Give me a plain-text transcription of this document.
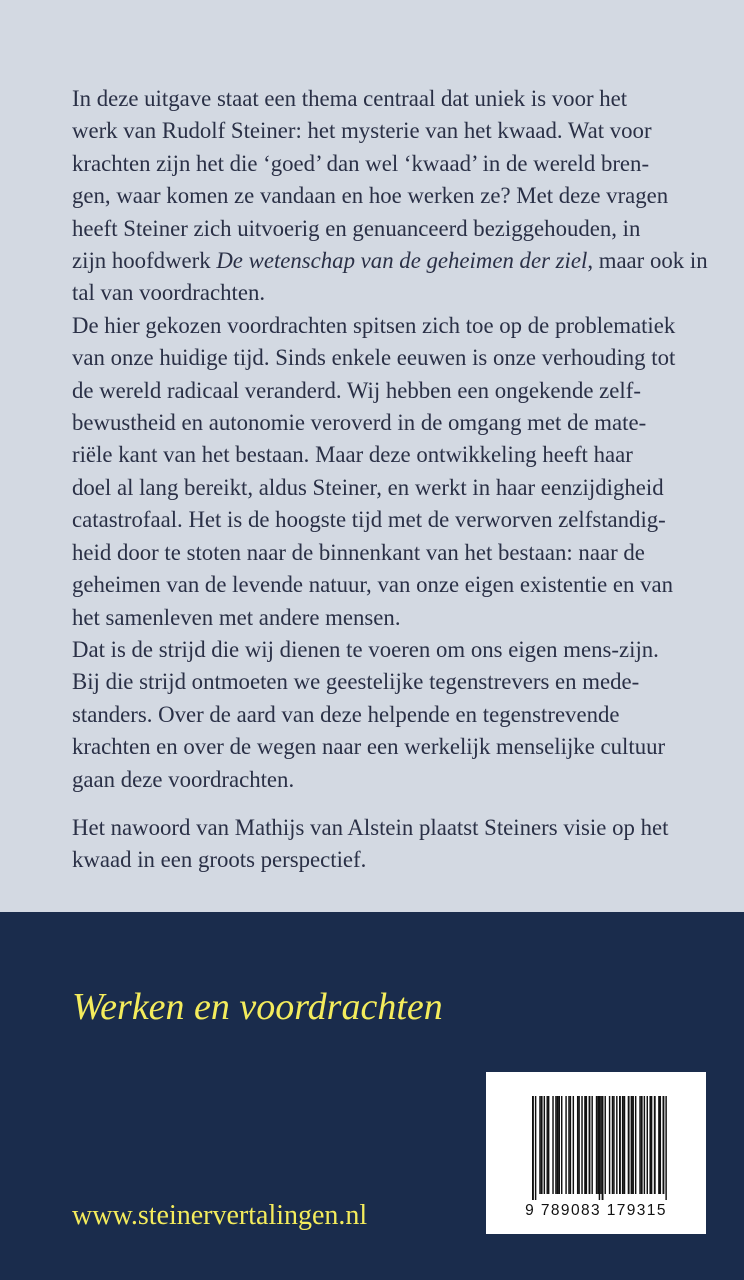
In deze uitgave staat een thema centraal dat uniek is voor het
werk van Rudolf Steiner: het mysterie van het kwaad. Wat voor
krachten zijn het die ‘goed’ dan wel ‘kwaad’ in de wereld bren-
gen, waar komen ze vandaan en hoe werken ze? Met deze vragen
heeft Steiner zich uitvoerig en genuanceerd beziggehouden, in
zijn hoofdwerk De wetenschap van de geheimen der ziel, maar ook in
tal van voordrachten.

De hier gekozen voordrachten spitsen zich toe op de problematiek
van onze huidige tijd. Sinds enkele eeuwen is onze verhouding tot
de wereld radicaal veranderd. Wij hebben een ongekende zelf-
bewustheid en autonomie veroverd in de omgang met de mate-
riële kant van het bestaan. Maar deze ontwikkeling heeft haar
doel al lang bereikt, aldus Steiner, en werkt in haar eenzijdigheid
catastrofaal. Het is de hoogste tijd met de verworven zelfstandig-
heid door te stoten naar de binnenkant van het bestaan: naar de
geheimen van de levende natuur, van onze eigen existentie en van
het samenleven met andere mensen.

Dat is de strijd die wij dienen te voeren om ons eigen mens-zijn.
Bij die strijd ontmoeten we geestelijke tegenstrevers en mede-
standers. Over de aard van deze helpende en tegenstrevende
krachten en over de wegen naar een werkelijk menselijke cultuur
gaan deze voordrachten.

Het nawoord van Mathijs van Alstein plaatst Steiners visie op het
kwaad in een groots perspectief.

Werken en voordrachten
www.steinervertalingen.nl	9 789083 179315
